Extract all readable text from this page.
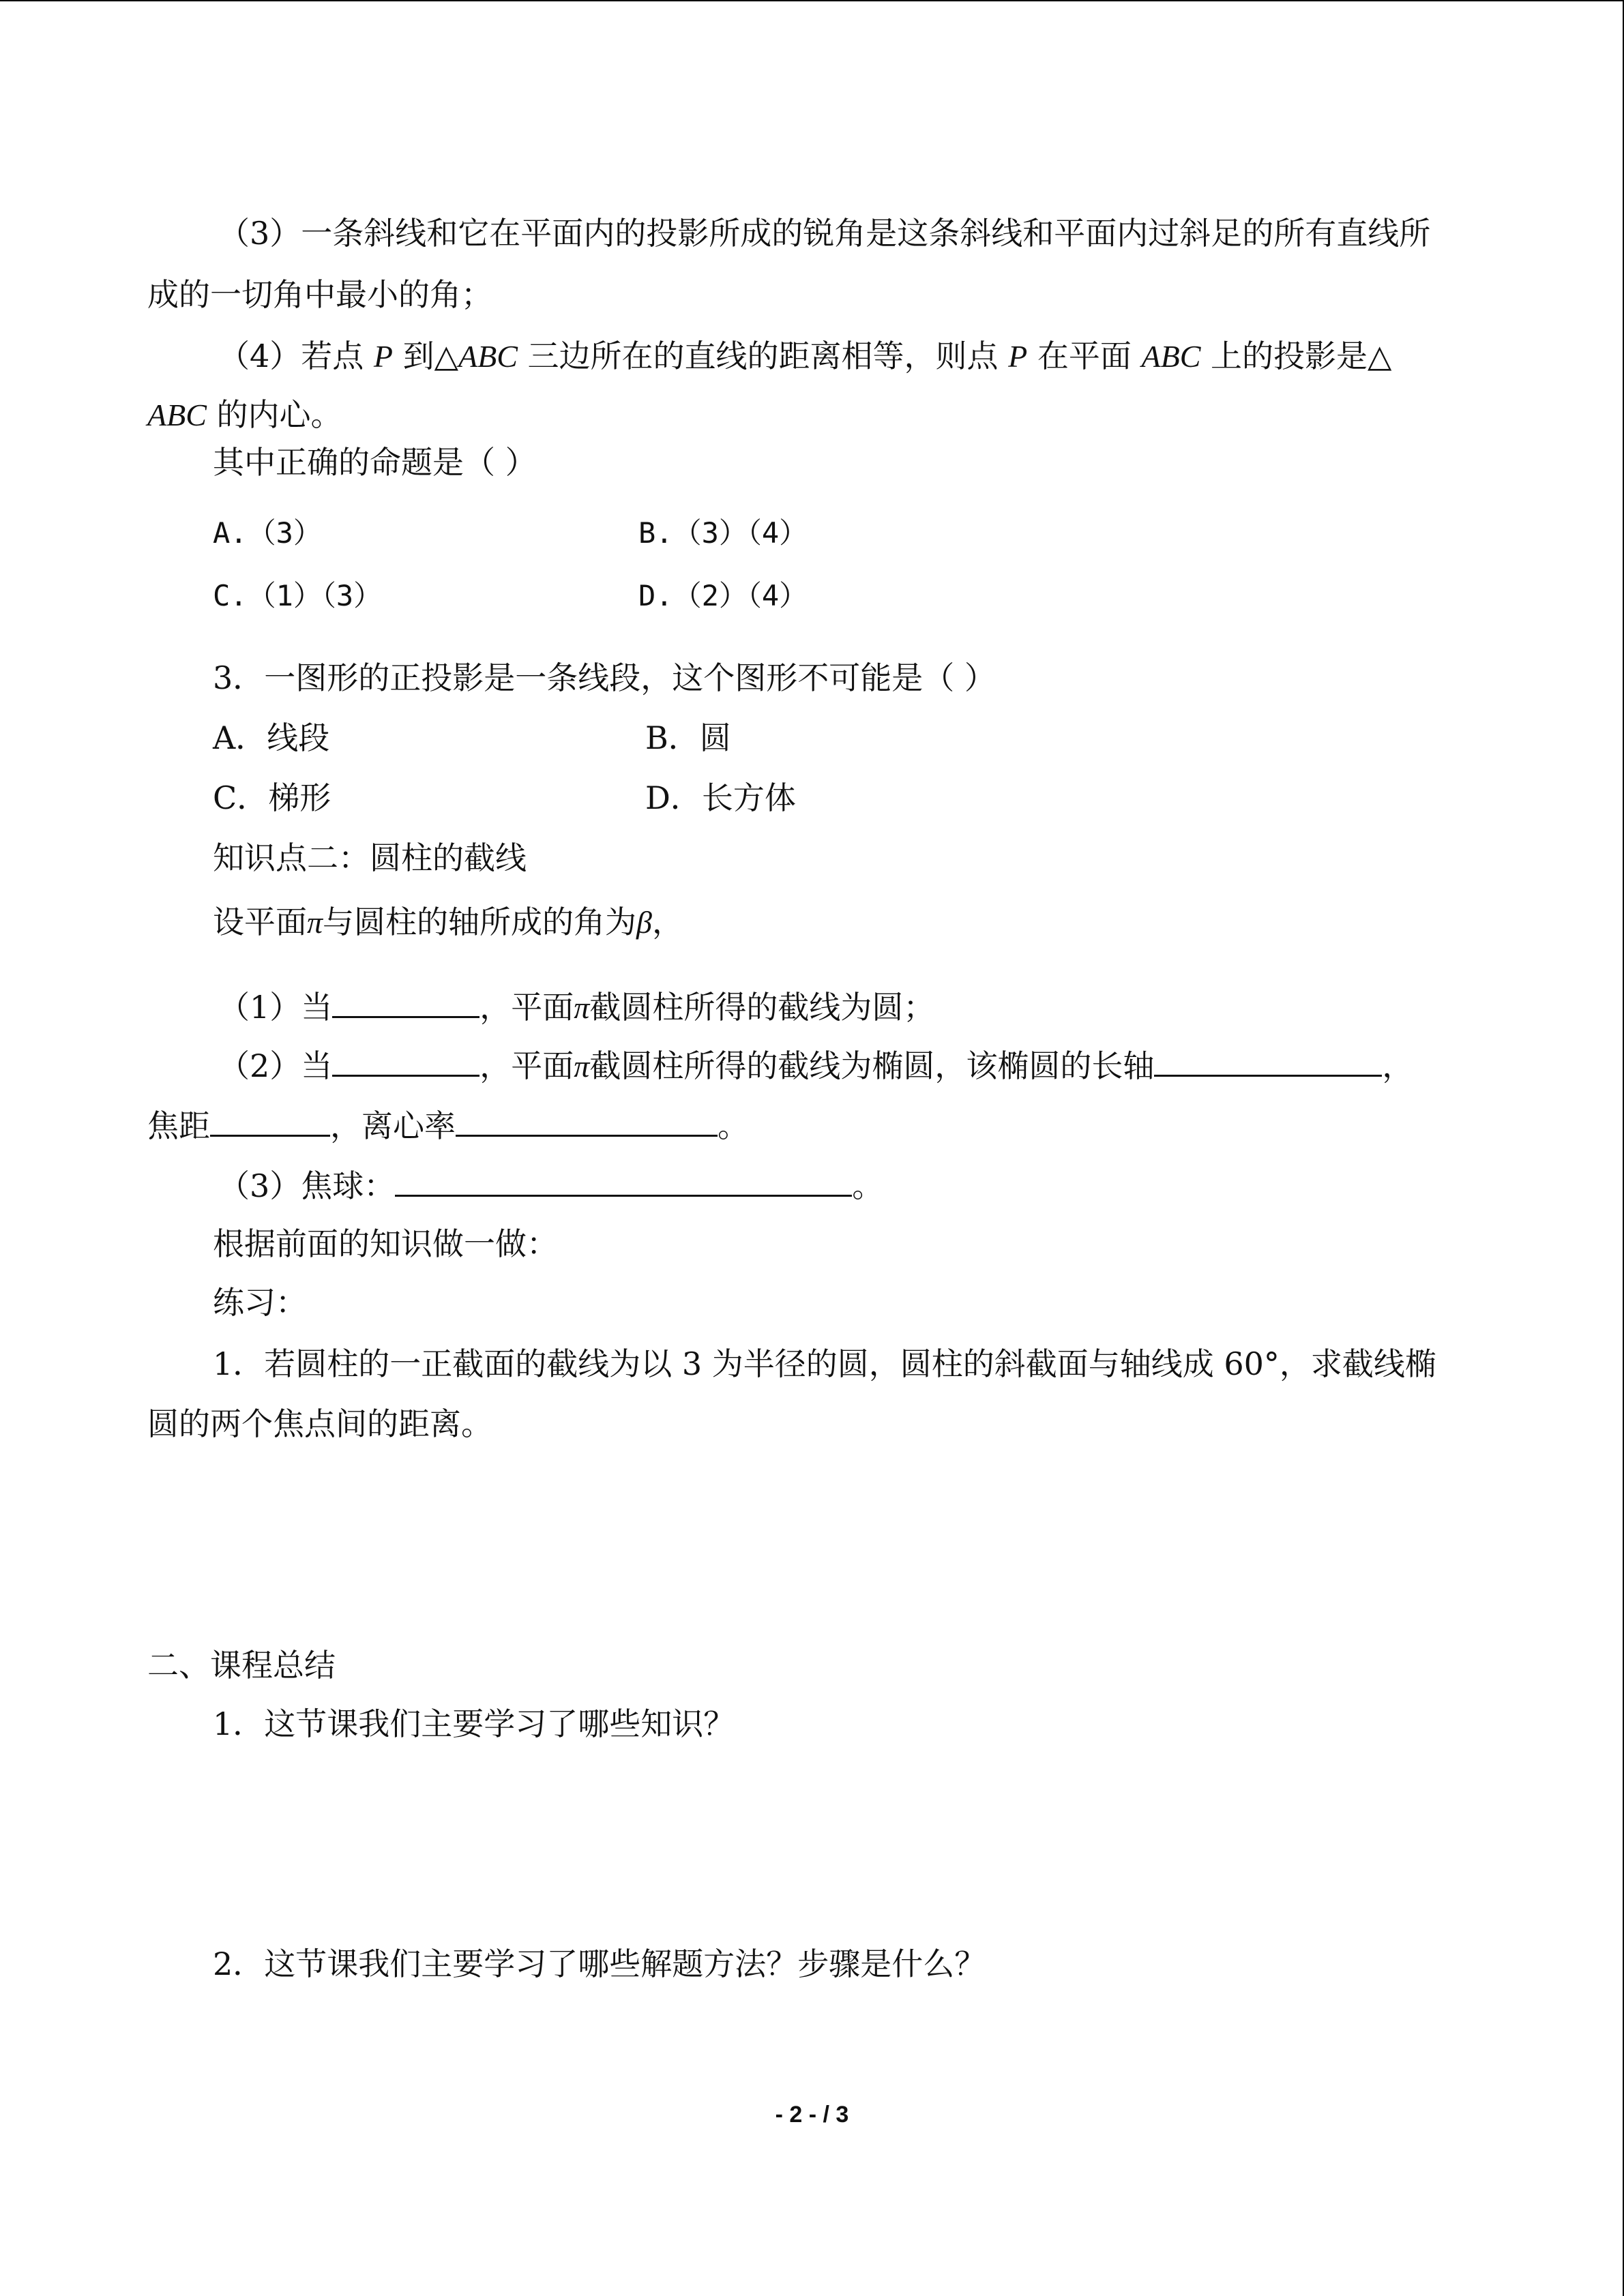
（3）一条斜线和它在平面内的投影所成的锐角是这条斜线和平面内过斜足的所有直线所
成的一切角中最小的角；
（4）若点 P 到△ABC 三边所在的直线的距离相等，则点 P 在平面 ABC 上的投影是△
ABC 的内心。
其中正确的命题是（ ）
A.（3）	B.（3）（4）
C.（1）（3）	D.（2）（4）
3．一图形的正投影是一条线段，这个图形不可能是（ ）
A．线段	B．圆
C．梯形	D．长方体
知识点二：圆柱的截线
设平面π与圆柱的轴所成的角为β，
（1）当	，平面π截圆柱所得的截线为圆；
（2）当	，平面π截圆柱所得的截线为椭圆，该椭圆的长轴	，
焦距	，离心率	。
（3）焦球：	。
根据前面的知识做一做：
练习：
1．若圆柱的一正截面的截线为以 3 为半径的圆，圆柱的斜截面与轴线成 60°，求截线椭
圆的两个焦点间的距离。
二、课程总结
1．这节课我们主要学习了哪些知识？
2．这节课我们主要学习了哪些解题方法？步骤是什么？
- 2 - / 3
